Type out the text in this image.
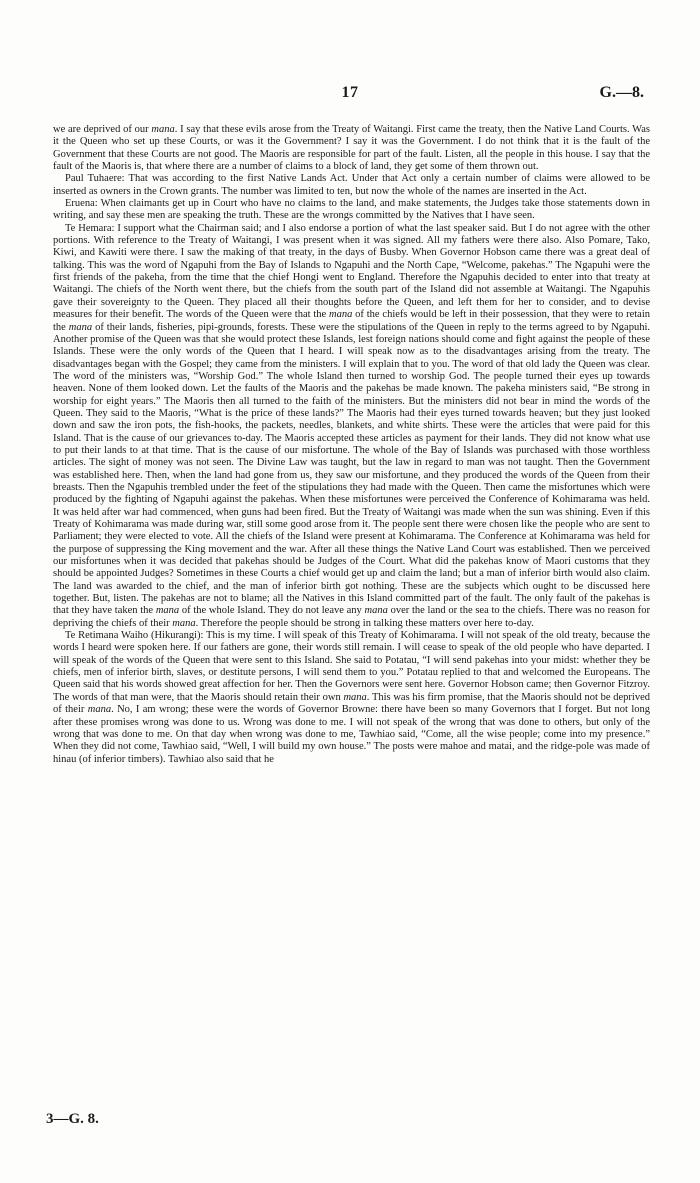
17	G.—8.

we are deprived of our mana. I say that these evils arose from the Treaty of Waitangi. First came the treaty, then the Native Land Courts. Was it the Queen who set up these Courts, or was it the Government? I say it was the Government. I do not think that it is the fault of the Government that these Courts are not good. The Maoris are responsible for part of the fault. Listen, all the people in this house. I say that the fault of the Maoris is, that where there are a number of claims to a block of land, they get some of them thrown out.

Paul Tuhaere: That was according to the first Native Lands Act. Under that Act only a certain number of claims were allowed to be inserted as owners in the Crown grants. The number was limited to ten, but now the whole of the names are inserted in the Act.

Eruena: When claimants get up in Court who have no claims to the land, and make statements, the Judges take those statements down in writing, and say these men are speaking the truth. These are the wrongs committed by the Natives that I have seen.

Te Hemara: I support what the Chairman said; and I also endorse a portion of what the last speaker said. But I do not agree with the other portions. With reference to the Treaty of Waitangi, I was present when it was signed. All my fathers were there also. Also Pomare, Tako, Kiwi, and Kawiti were there. I saw the making of that treaty, in the days of Busby. When Governor Hobson came there was a great deal of talking. This was the word of Ngapuhi from the Bay of Islands to Ngapuhi and the North Cape, “Welcome, pakehas.” The Ngapuhi were the first friends of the pakeha, from the time that the chief Hongi went to England. Therefore the Ngapuhis decided to enter into that treaty at Waitangi. The chiefs of the North went there, but the chiefs from the south part of the Island did not assemble at Waitangi. The Ngapuhis gave their sovereignty to the Queen. They placed all their thoughts before the Queen, and left them for her to consider, and to devise measures for their benefit. The words of the Queen were that the mana of the chiefs would be left in their possession, that they were to retain the mana of their lands, fisheries, pipi-grounds, forests. These were the stipulations of the Queen in reply to the terms agreed to by Ngapuhi. Another promise of the Queen was that she would protect these Islands, lest foreign nations should come and fight against the people of these Islands. These were the only words of the Queen that I heard. I will speak now as to the disadvantages arising from the treaty. The disadvantages began with the Gospel; they came from the ministers. I will explain that to you. The word of that old lady the Queen was clear. The word of the ministers was, “Worship God.” The whole Island then turned to worship God. The people turned their eyes up towards heaven. None of them looked down. Let the faults of the Maoris and the pakehas be made known. The pakeha ministers said, “Be strong in worship for eight years.” The Maoris then all turned to the faith of the ministers. But the ministers did not bear in mind the words of the Queen. They said to the Maoris, “What is the price of these lands?” The Maoris had their eyes turned towards heaven; but they just looked down and saw the iron pots, the fish-hooks, the packets, needles, blankets, and white shirts. These were the articles that were paid for this Island. That is the cause of our grievances to-day. The Maoris accepted these articles as payment for their lands. They did not know what use to put their lands to at that time. That is the cause of our misfortune. The whole of the Bay of Islands was purchased with those worthless articles. The sight of money was not seen. The Divine Law was taught, but the law in regard to man was not taught. Then the Government was established here. Then, when the land had gone from us, they saw our misfortune, and they produced the words of the Queen from their breasts. Then the Ngapuhis trembled under the feet of the stipulations they had made with the Queen. Then came the misfortunes which were produced by the fighting of Ngapuhi against the pakehas. When these misfortunes were perceived the Conference of Kohimarama was held. It was held after war had commenced, when guns had been fired. But the Treaty of Waitangi was made when the sun was shining. Even if this Treaty of Kohimarama was made during war, still some good arose from it. The people sent there were chosen like the people who are sent to Parliament; they were elected to vote. All the chiefs of the Island were present at Kohimarama. The Conference at Kohimarama was held for the purpose of suppressing the King movement and the war. After all these things the Native Land Court was established. Then we perceived our misfortunes when it was decided that pakehas should be Judges of the Court. What did the pakehas know of Maori customs that they should be appointed Judges? Sometimes in these Courts a chief would get up and claim the land; but a man of inferior birth would also claim. The land was awarded to the chief, and the man of inferior birth got nothing. These are the subjects which ought to be discussed here together. But, listen. The pakehas are not to blame; all the Natives in this Island committed part of the fault. The only fault of the pakehas is that they have taken the mana of the whole Island. They do not leave any mana over the land or the sea to the chiefs. There was no reason for depriving the chiefs of their mana. Therefore the people should be strong in talking these matters over here to-day.

Te Retimana Waiho (Hikurangi): This is my time. I will speak of this Treaty of Kohimarama. I will not speak of the old treaty, because the words I heard were spoken here. If our fathers are gone, their words still remain. I will cease to speak of the old people who have departed. I will speak of the words of the Queen that were sent to this Island. She said to Potatau, “I will send pakehas into your midst: whether they be chiefs, men of inferior birth, slaves, or destitute persons, I will send them to you.” Potatau replied to that and welcomed the Europeans. The Queen said that his words showed great affection for her. Then the Governors were sent here. Governor Hobson came; then Governor Fitzroy. The words of that man were, that the Maoris should retain their own mana. This was his firm promise, that the Maoris should not be deprived of their mana. No, I am wrong; these were the words of Governor Browne: there have been so many Governors that I forget. But not long after these promises wrong was done to us. Wrong was done to me. I will not speak of the wrong that was done to others, but only of the wrong that was done to me. On that day when wrong was done to me, Tawhiao said, “Come, all the wise people; come into my presence.” When they did not come, Tawhiao said, “Well, I will build my own house.” The posts were mahoe and matai, and the ridge-pole was made of hinau (of inferior timbers). Tawhiao also said that he

3—G. 8.
